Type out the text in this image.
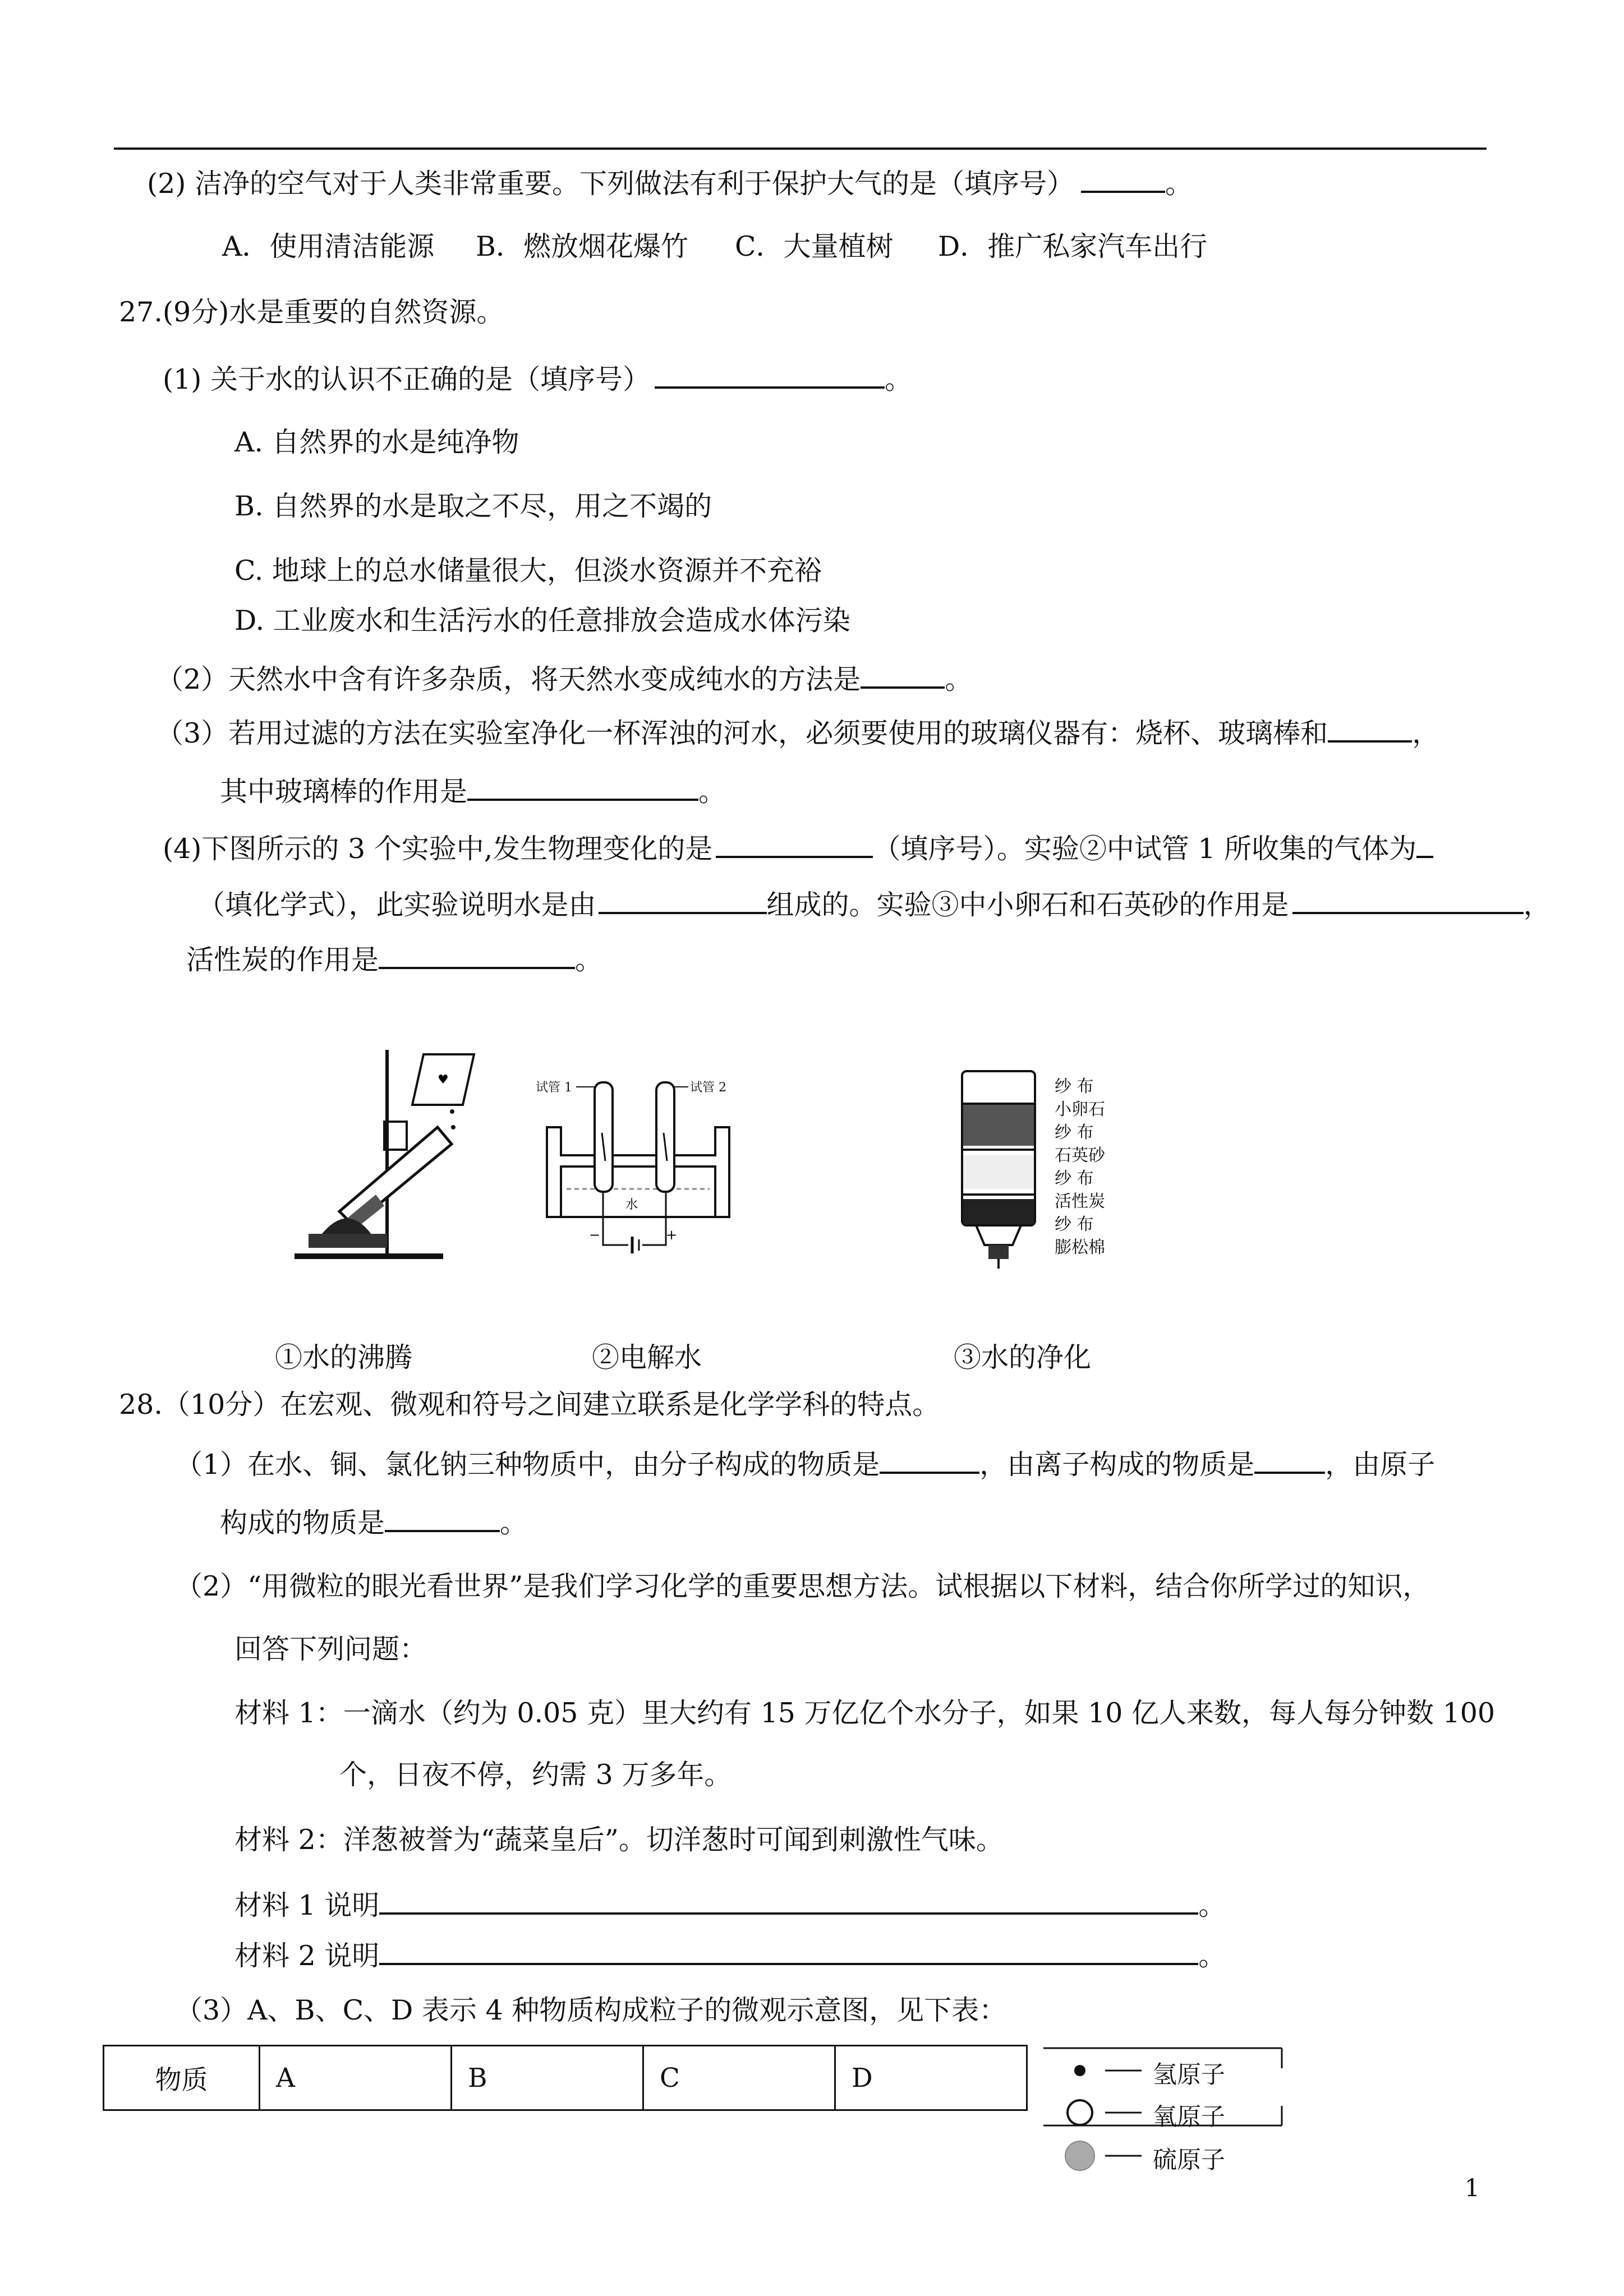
(2) 洁净的空气对于人类非常重要。下列做法有利于保护大气的是（填序号）	。
A．使用清洁能源 B．燃放烟花爆竹 C．大量植树 D．推广私家汽车出行
27.(9分)水是重要的自然资源。
(1) 关于水的认识不正确的是（填序号）	。
A. 自然界的水是纯净物
B. 自然界的水是取之不尽，用之不竭的
C. 地球上的总水储量很大，但淡水资源并不充裕
D. 工业废水和生活污水的任意排放会造成水体污染
（2）天然水中含有许多杂质，将天然水变成纯水的方法是	。
（3）若用过滤的方法在实验室净化一杯浑浊的河水，必须要使用的玻璃仪器有：烧杯、玻璃棒和	，
其中玻璃棒的作用是	。
(4)下图所示的 3 个实验中,发生物理变化的是	（填序号）。实验②中试管 1 所收集的气体为
（填化学式），此实验说明水是由	组成的。实验③中小卵石和石英砂的作用是	，
活性炭的作用是	。
♥
试管 1	试管 2
水
−	+
纱 布
小卵石
纱 布
石英砂
纱 布
活性炭
纱 布
膨松棉
①水的沸腾	②电解水	③水的净化
28.（10分）在宏观、微观和符号之间建立联系是化学学科的特点。
（1）在水、铜、氯化钠三种物质中，由分子构成的物质是	，由离子构成的物质是	，由原子
构成的物质是	。
（2）“用微粒的眼光看世界”是我们学习化学的重要思想方法。试根据以下材料，结合你所学过的知识，
回答下列问题：
材料 1：一滴水（约为 0.05 克）里大约有 15 万亿亿个水分子，如果 10 亿人来数，每人每分钟数 100
个，日夜不停，约需 3 万多年。
材料 2：洋葱被誉为“蔬菜皇后”。切洋葱时可闻到刺激性气味。
材料 1 说明	。
材料 2 说明	。
（3）A、B、C、D 表示 4 种物质构成粒子的微观示意图，见下表：
物质	A	B	C	D	氢原子
氧原子
硫原子
1
